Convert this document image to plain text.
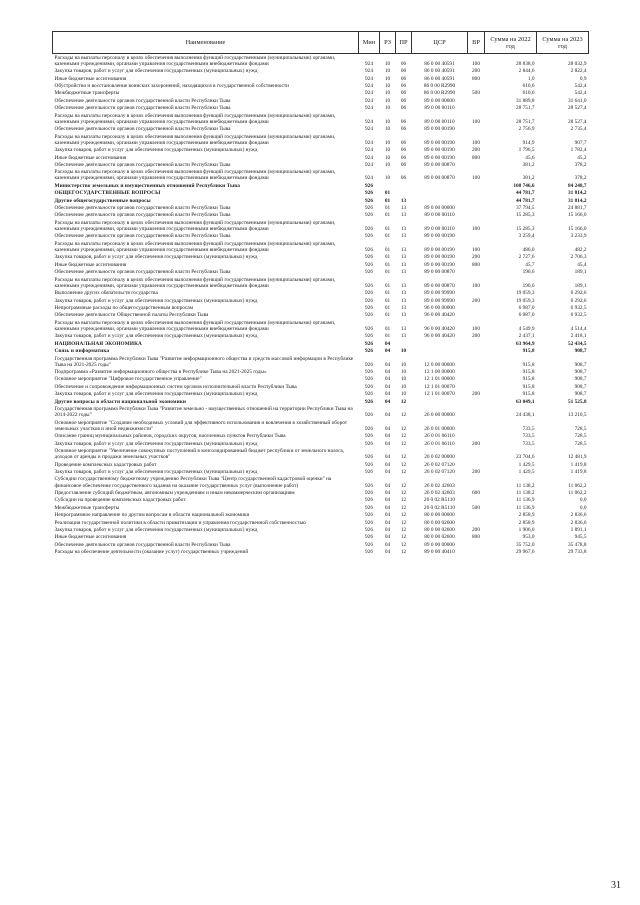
Наименование	Мин	РЗ	ПР	ЦСР	ВР	Сумма на 2022 год	Сумма на 2023 год
Расходы на выплаты персоналу в целях обеспечения выполнения функций государственными (муниципальными) органами, казенными учреждениями, органами управления государственными внебюджетными фондами	924	10	06	86 0 00 40591	100	28 838,0	28 032,9
Закупка товаров, работ и услуг для обеспечения государственных (муниципальных) нужд	924	10	06	86 0 00 40591	200	2 844,6	2 822,4
Иные бюджетные ассигнования	924	10	06	86 0 00 40591	800	1,0	0,9
Обустройство и восстановление воинских захоронений, находящихся в государственной собственности	924	10	06	86 0 00 R2990		610,6	542,4
Межбюджетные трансферты	924	10	06	86 0 00 R2990	500	610,6	542,4
Обеспечение деятельности органов государственной власти Республики Тыва	924	10	06	89 0 00 00000		31 889,8	31 641,0
Обеспечение деятельности органов государственной власти Республики Тыва	924	10	06	89 0 00 00110		28 751,7	28 527,4
Расходы на выплаты персоналу в целях обеспечения выполнения функций государственными (муниципальными) органами, казенными учреждениями, органами управления государственными внебюджетными фондами	924	10	06	89 0 00 00110	100	28 751,7	28 527,4
Обеспечение деятельности органов государственной власти Республики Тыва	924	10	06	89 0 00 00190		2 756,9	2 735,4
Расходы на выплаты персоналу в целях обеспечения выполнения функций государственными (муниципальными) органами, казенными учреждениями, органами управления государственными внебюджетными фондами	924	10	06	89 0 00 00190	100	914,9	907,7
Закупка товаров, работ и услуг для обеспечения государственных (муниципальных) нужд	924	10	06	89 0 00 00190	200	1 796,5	1 782,4
Иные бюджетные ассигнования	924	10	06	89 0 00 00190	800	45,6	45,2
Обеспечение деятельности органов государственной власти Республики Тыва	924	10	06	89 0 00 00870		381,2	378,2
Расходы на выплаты персоналу в целях обеспечения выполнения функций государственными (муниципальными) органами, казенными учреждениями, органами управления государственными внебюджетными фондами	924	10	06	89 0 00 00870	100	381,2	378,2
Министерство земельных и имущественных отношений Республики Тыва	926					108 746,6	84 248,7
ОБЩЕГОСУДАРСТВЕННЫЕ ВОПРОСЫ	926	01				44 781,7	31 814,2
Другие общегосударственные вопросы	926	01	13			44 781,7	31 814,2
Обеспечение деятельности органов государственной власти Республики Тыва	926	01	13	89 0 00 00000		37 794,5	24 881,7
Обеспечение деятельности органов государственной власти Республики Тыва	926	01	13	89 0 00 00110		15 285,3	15 166,0
Расходы на выплаты персоналу в целях обеспечения выполнения функций государственными (муниципальными) органами, казенными учреждениями, органами управления государственными внебюджетными фондами	926	01	13	89 0 00 00110	100	15 285,3	15 166,0
Обеспечение деятельности органов государственной власти Республики Тыва	926	01	13	89 0 00 00190		3 259,4	3 233,9
Расходы на выплаты персоналу в целях обеспечения выполнения функций государственными (муниципальными) органами, казенными учреждениями, органами управления государственными внебюджетными фондами	926	01	13	89 0 00 00190	100	486,0	482,2
Закупка товаров, работ и услуг для обеспечения государственных (муниципальных) нужд	926	01	13	89 0 00 00190	200	2 727,6	2 706,3
Иные бюджетные ассигнования	926	01	13	89 0 00 00190	800	45,7	45,4
Обеспечение деятельности органов государственной власти Республики Тыва	926	01	13	89 0 00 00870		190,6	189,1
Расходы на выплаты персоналу в целях обеспечения выполнения функций государственными (муниципальными) органами, казенными учреждениями, органами управления государственными внебюджетными фондами	926	01	13	89 0 00 00870	100	190,6	189,1
Выполнение других обязательств государства	926	01	13	89 0 00 99990		19 059,3	6 292,6
Закупка товаров, работ и услуг для обеспечения государственных (муниципальных) нужд	926	01	13	89 0 00 99990	200	19 059,3	6 292,6
Непрограммные расходы по общегосударственным вопросам	926	01	13	96 0 00 00000		6 987,0	6 932,5
Обеспечение деятельности Общественной палаты Республики Тыва	926	01	13	96 0 00 40420		6 987,0	6 932,5
Расходы на выплаты персоналу в целях обеспечения выполнения функций государственными (муниципальными) органами, казенными учреждениями, органами управления государственными внебюджетными фондами	926	01	13	96 0 00 40420	100	4 549,9	4 514,4
Закупка товаров, работ и услуг для обеспечения государственных (муниципальных) нужд	926	01	13	96 0 00 40420	200	2 437,1	2 418,1
НАЦИОНАЛЬНАЯ ЭКОНОМИКА	926	04				63 964,9	52 434,5
Связь и информатика	926	04	10			915,8	908,7
Государственная программа Республики Тыва "Развитие информационного общества и средств массовой информации в Республике Тыва на 2021-2025 годы"	926	04	10	12 0 00 00000		915,8	908,7
Подпрограмма «Развитие информационного общества в Республике Тыва на 2021-2025 годы»	926	04	10	12 1 00 00000		915,8	908,7
Основное мероприятие "Цифровое государственное управление"	926	04	10	12 1 01 00000		915,8	908,7
Обеспечение и сопровождение информационных систем органов исполнительной власти Республики Тыва	926	04	10	12 1 01 00070		915,8	908,7
Закупка товаров, работ и услуг для обеспечения государственных (муниципальных) нужд	926	04	10	12 1 01 00070	200	915,8	908,7
Другие вопросы в области национальной экономики	926	04	12			63 049,1	51 525,8
Государственная программа Республики Тыва "Развитие земельно - имущественных отношений на территории Республики Тыва на 2014-2022 годы"	926	04	12	26 0 00 00000		24 438,1	13 210,5
Основное мероприятие "Создание необходимых условий для эффективного использования и вовлечения в хозяйственный оборот земельных участков и иной недвижимости"	926	04	12	26 0 01 00000		733,5	728,5
Описание границ муниципальных районов, городских округов, населенных пунктов Республики Тыва	926	04	12	26 0 01 06110		733,5	728,5
Закупка товаров, работ и услуг для обеспечения государственных (муниципальных) нужд	926	04	12	26 0 01 06110	200	733,5	728,5
Основное мероприятие "Увеличение совокупных поступлений в консолидированный бюджет республики от земельного налога, доходов от аренды и продажи земельных участков"	926	04	12	26 0 02 00000		23 704,6	12 481,9
Проведение комплексных кадастровых работ	926	04	12	26 0 02 07120		1 429,5	1 419,8
Закупка товаров, работ и услуг для обеспечения государственных (муниципальных) нужд	926	04	12	26 0 02 07120	200	1 429,5	1 419,8
Субсидии государственному бюджетному учреждению Республики Тыва "Центр государственной кадастровой оценки" на финансовое обеспечение государственного задания на оказание государственных услуг (выполнение работ)	926	04	12	26 0 02 42603		11 138,2	11 062,2
Предоставление субсидий бюджетным, автономным учреждениям и иным некоммерческим организациям	926	04	12	26 0 02 42603	600	11 138,2	11 062,2
Субсидии на проведение комплексных кадастровых работ	926	04	12	26 0 02 R5110		11 136,9	0,0
Межбюджетные трансферты	926	04	12	26 0 02 R5110	500	11 136,9	0,0
Непрограммное направление по другим вопросам в области национальной экономики	926	04	12	80 0 00 00000		2 858,9	2 836,6
Реализация государственной политики в области приватизации и управления государственной собственностью	926	04	12	80 0 00 02600		2 858,9	2 836,6
Закупка товаров, работ и услуг для обеспечения государственных (муниципальных) нужд	926	04	12	80 0 00 02600	200	1 906,0	1 891,1
Иные бюджетные ассигнования	926	04	12	80 0 00 02600	800	953,0	945,5
Обеспечение деятельности органов государственной власти Республики Тыва	926	04	12	89 0 00 00000		35 752,0	35 478,8
Расходы на обеспечение деятельности (оказание услуг) государственных учреждений	926	04	12	89 0 00 40410		29 967,6	29 733,8
31
